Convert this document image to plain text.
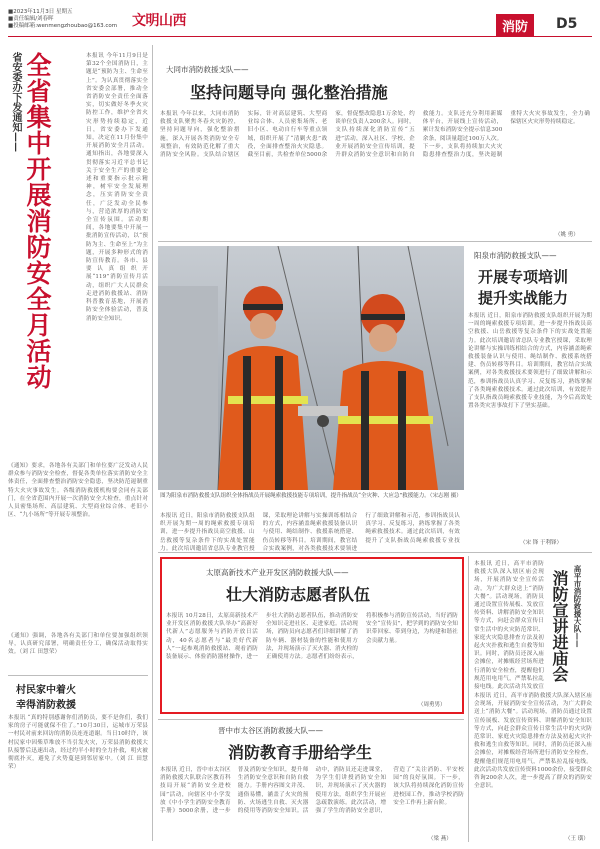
■2023年11月3日 星期五
■责任编辑/刘春晖
■投稿邮箱:wenmengzhoubao@163.com 文明山西	消防	D5
省安委办下发通知—— 全省集中开展消防安全月活动	本报讯 今年11月9日是第32个全国消防日，主题是“预防为主、生命至上”。为认真贯彻落实全省安委会部署，推动全省消防安全责任全面落实，切实做好冬季火灾防控工作，维护全省火灾形势持续稳定，近日，省安委办下发通知，决定在11月份集中开展消防安全月活动。通知指出，各地要深入贯彻落实习近平总书记关于安全生产的重要论述和重要指示批示精神，树牢安全发展理念，压实消防安全责任，广泛发动全民参与，营造浓厚的消防安全宣传氛围。活动期间，各地要集中开展一批消防宣传活动，以“预防为主、生命至上”为主题，开展多种形式的消防宣传教育。各市、县要认真组织开展“119”消防宣传月活动，组织广大人民群众走进消防救援站、消防科普教育基地，开展消防安全体验活动，普及消防安全知识。
《通知》要求，各地各有关部门和单位要广泛发动人民群众参与消防安全检查，督促各类单位落实消防安全主体责任，全面排查整治消防安全隐患，坚决防范遏制重特大火灾事故发生。各级消防救援机构要会同有关部门，在全省范围内开展一次消防安全大检查，重点针对人员密集场所、高层建筑、大型商业综合体、老旧小区、“九小场所”等开展专项整治。
《通知》强调，各地各有关部门和单位要加强组织领导，认真研究部署，明确责任分工，确保活动取得实效。（刘 江 田慧荣）
村民家中着火
幸得消防救援
本报讯 “真的特别感谢你们消防员，要不是你们，我们家的房子可能就保不住了。”10月30日，运城市万荣县一村民对前来回访的消防员连连道谢。当日10时许，该村民家中因柴草堆放不当引发火灾，万荣县消防救援大队接警后迅速出动，经过约半小时的全力扑救，明火被彻底扑灭，避免了火势蔓延到邻居家中。（刘 江 田慧荣）
大同市消防救援支队——
坚持问题导向 强化整治措施
本报讯 今年以来，大同市消防救援支队聚焦冬春火灾防控，坚持问题导向，强化整治措施，深入开展各类消防安全专项整治，有效防范化解了重大消防安全风险。支队结合辖区实际，针对高层建筑、大型商业综合体、人员密集场所、老旧小区、电动自行车等重点领域，组织开展了“清剿火患”战役，全面排查整治火灾隐患。截至目前，共检查单位5000余家，督促整改隐患1万余处，约谈单位负责人200余人。同时，支队持续深化消防宣传“五进”活动，深入社区、学校、企业开展消防安全宣传培训，提升群众消防安全意识和自防自救能力。支队还充分利用新媒体平台，开展线上宣传活动，累计发布消防安全提示信息300余条，阅读量超过100万人次。下一步，支队将持续加大火灾隐患排查整治力度，坚决遏制重特大火灾事故发生，全力确保辖区火灾形势持续稳定。
（姚 勇）
图为阳泉市消防救援支队组织全体指战员开展绳索救援技能专项培训，提升指战员“全灾种、大应急”救援能力。（宋志刚 摄）
阳泉市消防救援支队——
开展专项培训
提升实战能力
本报讯 近日，阳泉市消防救援支队组织开展为期一周的绳索救援专项培训，进一步提升指战员高空救援、山岳救援等复杂条件下的实战处置能力。此次培训邀请省总队专业教官授课，采取理论讲解与实操训练相结合的方式，内容涵盖绳索救援装备认识与使用、绳结制作、救援系统搭建、伤员转移等科目。培训期间，教官结合实战案例，对各类救援技术要领进行了细致讲解和示范，参训指战员认真学习、反复练习，熟练掌握了各类绳索救援技术。通过此次培训，有效提升了支队指战员绳索救援专业技能，为今后高效处置各类灾害事故打下了坚实基础。
本报讯 近日，阳泉市消防救援支队组织开展为期一周的绳索救援专项培训，进一步提升指战员高空救援、山岳救援等复杂条件下的实战处置能力。此次培训邀请省总队专业教官授课，采取理论讲解与实操训练相结合的方式，内容涵盖绳索救援装备认识与使用、绳结制作、救援系统搭建、伤员转移等科目。培训期间，教官结合实战案例，对各类救援技术要领进行了细致讲解和示范，参训指战员认真学习、反复练习，熟练掌握了各类绳索救援技术。通过此次培训，有效提升了支队指战员绳索救援专业技	（宋 锋 于利锋）
太原高新技术产业开发区消防救援大队——
壮大消防志愿者队伍
本报讯 10月28日，太原高新技术产业开发区消防救援大队举办“高新好代新人”志愿服务与消防开放日活动，40名志愿者与“最美好代新人”一起参观消防救援站、观看消防装备展示、体验消防器材操作，进一步壮大消防志愿者队伍，推动消防安全知识走进社区、走进家庭。活动现场，消防员向志愿者们详细讲解了消防车辆、器材装备的性能和使用方法，并现场演示了灭火器、消火栓的正确使用方法。志愿者们纷纷表示，将积极参与消防宣传活动，当好消防安全“宣传员”，把学到的消防安全知识带回家、带到身边，为构建和谐社会贡献力量。
（周勇男）
高平市消防救援大队——
消防宣讲进庙会
本报讯 近日，高平市消防救援大队深入辖区庙会现场，开展消防安全宣传活动，为广大群众送上“消防大餐”。活动现场，消防员通过设置宣传展板、发放宣传资料、讲解消防安全知识等方式，向赶会群众宣传日常生活中的火灾防范常识、家庭火灾隐患排查方法及初起火灾扑救和逃生自救等知识。同时，消防员还深入庙会摊位，对摊贩经营场所进行消防安全检查，提醒他们规范用电用气，严禁私拉乱接电线。此次活动共发放宣
本报讯 近日，高平市消防救援大队深入辖区庙会现场，开展消防安全宣传活动，为广大群众送上“消防大餐”。活动现场，消防员通过设置宣传展板、发放宣传资料、讲解消防安全知识等方式，向赶会群众宣传日常生活中的火灾防范常识、家庭火灾隐患排查方法及初起火灾扑救和逃生自救等知识。同时，消防员还深入庙会摊位，对摊贩经营场所进行消防安全检查，提醒他们规范用电用气，严禁私拉乱接电线。此次活动共发放宣传资料1000余份，接受群众咨询200余人次，进一步提高了群众的消防安全意识。
（王 璜）
晋中市太谷区消防救援大队——
消防教育手册给学生
本报讯 近日，晋中市太谷区消防救援大队联合区教育科技局开展“消防安全进校园”活动，向辖区中小学发放《中小学生消防安全教育手册》5000余册，进一步普及消防安全知识，提升师生消防安全意识和自防自救能力。手册内容图文并茂、通俗易懂，涵盖了火灾的预防、火场逃生自救、灭火器的使用等消防安全知识。活动中，消防员还走进课堂，为学生们讲授消防安全知识，并现场演示了灭火器的使用方法，组织学生开展应急疏散演练。此次活动，增强了学生的消防安全意识，营造了“关注消防、平安校园”的良好氛围。下一步，该大队将持续深化消防宣传进校园工作，推动学校消防安全工作再上新台阶。
（梁 燕）
